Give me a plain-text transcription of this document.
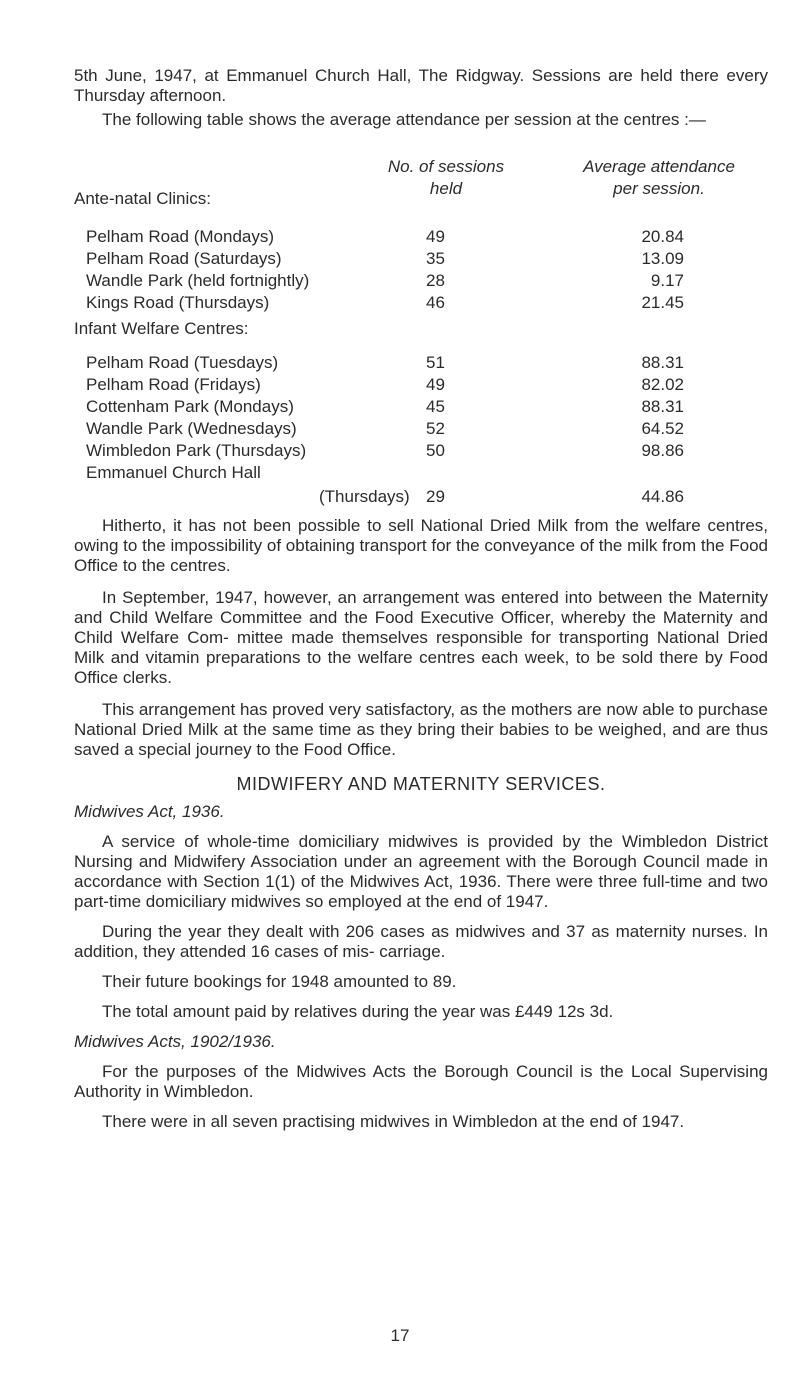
5th June, 1947, at Emmanuel Church Hall, The Ridgway. Sessions are held there every Thursday afternoon.

The following table shows the average attendance per session at the centres :—

No. of sessions
held
Average attendance
per session.
Ante-natal Clinics:
Pelham Road (Mondays)	49	20.84
Pelham Road (Saturdays)	35	13.09
Wandle Park (held fortnightly)	28	9.17
Kings Road (Thursdays)	46	21.45
Infant Welfare Centres:
Pelham Road (Tuesdays)	51	88.31
Pelham Road (Fridays)	49	82.02
Cottenham Park (Mondays)	45	88.31
Wandle Park (Wednesdays)	52	64.52
Wimbledon Park (Thursdays)	50	98.86
Emmanuel Church Hall
(Thursdays) 29	44.86

Hitherto, it has not been possible to sell National Dried Milk from the welfare centres, owing to the impossibility of obtaining transport for the conveyance of the milk from the Food Office to the centres.

In September, 1947, however, an arrangement was entered into between the Maternity and Child Welfare Committee and the Food Executive Officer, whereby the Maternity and Child Welfare Com- mittee made themselves responsible for transporting National Dried Milk and vitamin preparations to the welfare centres each week, to be sold there by Food Office clerks.

This arrangement has proved very satisfactory, as the mothers are now able to purchase National Dried Milk at the same time as they bring their babies to be weighed, and are thus saved a special journey to the Food Office.

MIDWIFERY AND MATERNITY SERVICES.

Midwives Act, 1936.

A service of whole-time domiciliary midwives is provided by the Wimbledon District Nursing and Midwifery Association under an agreement with the Borough Council made in accordance with Section 1(1) of the Midwives Act, 1936. There were three full-time and two part-time domiciliary midwives so employed at the end of 1947.

During the year they dealt with 206 cases as midwives and 37 as maternity nurses. In addition, they attended 16 cases of mis- carriage.

Their future bookings for 1948 amounted to 89.

The total amount paid by relatives during the year was £449 12s 3d.

Midwives Acts, 1902/1936.

For the purposes of the Midwives Acts the Borough Council is the Local Supervising Authority in Wimbledon.

There were in all seven practising midwives in Wimbledon at the end of 1947.

17
